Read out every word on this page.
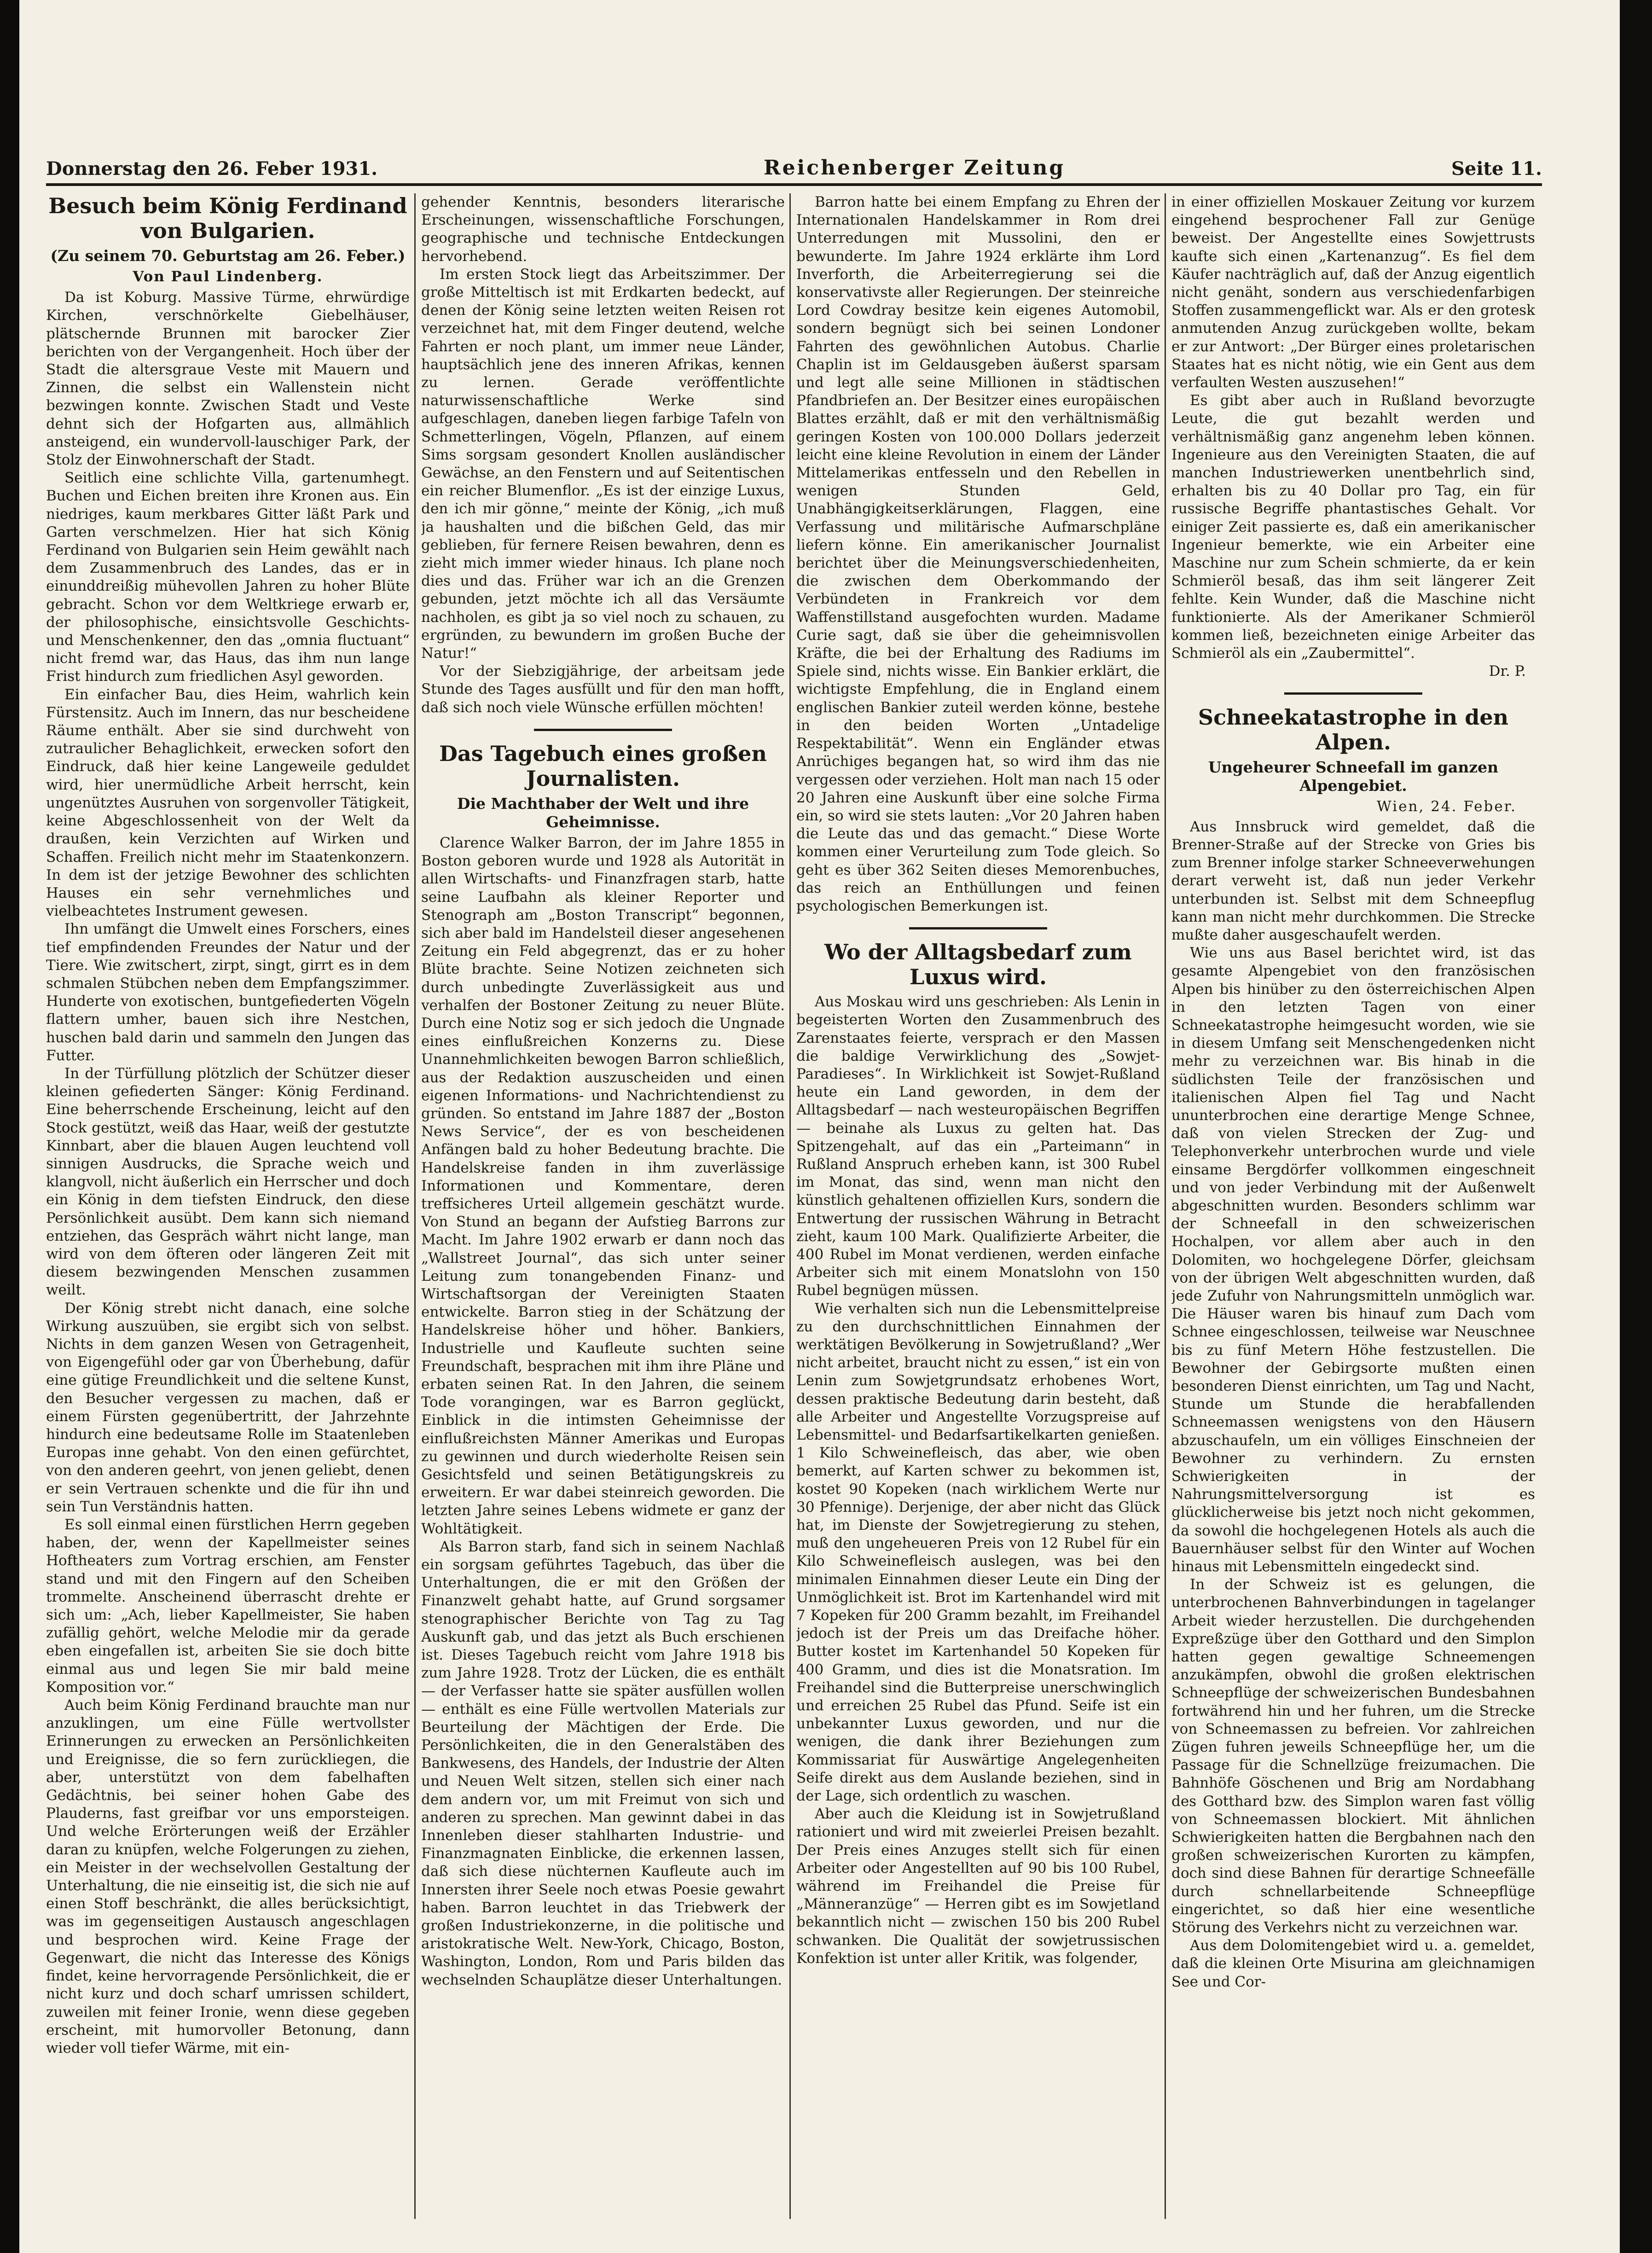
Donnerstag den 26. Feber 1931.	Reichenberger Zeitung	Seite 11.
Besuch beim König Ferdinand von Bulgarien.
(Zu seinem 70. Geburtstag am 26. Feber.)
Von Paul Lindenberg.

Da ist Koburg. Massive Türme, ehrwürdige Kirchen, verschnörkelte Giebelhäuser, plätschernde Brunnen mit barocker Zier berichten von der Vergangenheit. Hoch über der Stadt die altersgraue Veste mit Mauern und Zinnen, die selbst ein Wallenstein nicht bezwingen konnte. Zwischen Stadt und Veste dehnt sich der Hofgarten aus, allmählich ansteigend, ein wundervoll-lauschiger Park, der Stolz der Einwohnerschaft der Stadt.

Seitlich eine schlichte Villa, gartenumhegt. Buchen und Eichen breiten ihre Kronen aus. Ein niedriges, kaum merkbares Gitter läßt Park und Garten verschmelzen. Hier hat sich König Ferdinand von Bulgarien sein Heim gewählt nach dem Zusammenbruch des Landes, das er in einunddreißig mühevollen Jahren zu hoher Blüte gebracht. Schon vor dem Weltkriege erwarb er, der philosophische, einsichtsvolle Geschichts- und Menschenkenner, den das „omnia fluctuant“ nicht fremd war, das Haus, das ihm nun lange Frist hindurch zum friedlichen Asyl geworden.

Ein einfacher Bau, dies Heim, wahrlich kein Fürstensitz. Auch im Innern, das nur bescheidene Räume enthält. Aber sie sind durchweht von zutraulicher Behaglichkeit, erwecken sofort den Eindruck, daß hier keine Langeweile geduldet wird, hier unermüdliche Arbeit herrscht, kein ungenütztes Ausruhen von sorgenvoller Tätigkeit, keine Abgeschlossenheit von der Welt da draußen, kein Verzichten auf Wirken und Schaffen. Freilich nicht mehr im Staatenkonzern. In dem ist der jetzige Bewohner des schlichten Hauses ein sehr vernehmliches und vielbeachtetes Instrument gewesen.

Ihn umfängt die Umwelt eines Forschers, eines tief empfindenden Freundes der Natur und der Tiere. Wie zwitschert, zirpt, singt, girrt es in dem schmalen Stübchen neben dem Empfangszimmer. Hunderte von exotischen, buntgefiederten Vögeln flattern umher, bauen sich ihre Nestchen, huschen bald darin und sammeln den Jungen das Futter.

In der Türfüllung plötzlich der Schützer dieser kleinen gefiederten Sänger: König Ferdinand. Eine beherrschende Erscheinung, leicht auf den Stock gestützt, weiß das Haar, weiß der gestutzte Kinnbart, aber die blauen Augen leuchtend voll sinnigen Ausdrucks, die Sprache weich und klangvoll, nicht äußerlich ein Herrscher und doch ein König in dem tiefsten Eindruck, den diese Persönlichkeit ausübt. Dem kann sich niemand entziehen, das Gespräch währt nicht lange, man wird von dem öfteren oder längeren Zeit mit diesem bezwingenden Menschen zusammen weilt.

Der König strebt nicht danach, eine solche Wirkung auszuüben, sie ergibt sich von selbst. Nichts in dem ganzen Wesen von Getragenheit, von Eigengefühl oder gar von Überhebung, dafür eine gütige Freundlichkeit und die seltene Kunst, den Besucher vergessen zu machen, daß er einem Fürsten gegenübertritt, der Jahrzehnte hindurch eine bedeutsame Rolle im Staatenleben Europas inne gehabt. Von den einen gefürchtet, von den anderen geehrt, von jenen geliebt, denen er sein Vertrauen schenkte und die für ihn und sein Tun Verständnis hatten.

Es soll einmal einen fürstlichen Herrn gegeben haben, der, wenn der Kapellmeister seines Hoftheaters zum Vortrag erschien, am Fenster stand und mit den Fingern auf den Scheiben trommelte. Anscheinend überrascht drehte er sich um: „Ach, lieber Kapellmeister, Sie haben zufällig gehört, welche Melodie mir da gerade eben eingefallen ist, arbeiten Sie sie doch bitte einmal aus und legen Sie mir bald meine Komposition vor.“

Auch beim König Ferdinand brauchte man nur anzuklingen, um eine Fülle wertvollster Erinnerungen zu erwecken an Persönlichkeiten und Ereignisse, die so fern zurückliegen, die aber, unterstützt von dem fabelhaften Gedächtnis, bei seiner hohen Gabe des Plauderns, fast greifbar vor uns emporsteigen. Und welche Erörterungen weiß der Erzähler daran zu knüpfen, welche Folgerungen zu ziehen, ein Meister in der wechselvollen Gestaltung der Unterhaltung, die nie einseitig ist, die sich nie auf einen Stoff beschränkt, die alles berücksichtigt, was im gegenseitigen Austausch angeschlagen und besprochen wird. Keine Frage der Gegenwart, die nicht das Interesse des Königs findet, keine hervorragende Persönlichkeit, die er nicht kurz und doch scharf umrissen schildert, zuweilen mit feiner Ironie, wenn diese gegeben erscheint, mit humorvoller Betonung, dann wieder voll tiefer Wärme, mit ein-

gehender Kenntnis, besonders literarische Erscheinungen, wissenschaftliche Forschungen, geographische und technische Entdeckungen hervorhebend.

Im ersten Stock liegt das Arbeitszimmer. Der große Mitteltisch ist mit Erdkarten bedeckt, auf denen der König seine letzten weiten Reisen rot verzeichnet hat, mit dem Finger deutend, welche Fahrten er noch plant, um immer neue Länder, hauptsächlich jene des inneren Afrikas, kennen zu lernen. Gerade veröffentlichte naturwissenschaftliche Werke sind aufgeschlagen, daneben liegen farbige Tafeln von Schmetterlingen, Vögeln, Pflanzen, auf einem Sims sorgsam gesondert Knollen ausländischer Gewächse, an den Fenstern und auf Seitentischen ein reicher Blumenflor. „Es ist der einzige Luxus, den ich mir gönne,“ meinte der König, „ich muß ja haushalten und die bißchen Geld, das mir geblieben, für fernere Reisen bewahren, denn es zieht mich immer wieder hinaus. Ich plane noch dies und das. Früher war ich an die Grenzen gebunden, jetzt möchte ich all das Versäumte nachholen, es gibt ja so viel noch zu schauen, zu ergründen, zu bewundern im großen Buche der Natur!“

Vor der Siebzigjährige, der arbeitsam jede Stunde des Tages ausfüllt und für den man hofft, daß sich noch viele Wünsche erfüllen möchten!

Das Tagebuch eines großen Journalisten.
Die Machthaber der Welt und ihre Geheimnisse.

Clarence Walker Barron, der im Jahre 1855 in Boston geboren wurde und 1928 als Autorität in allen Wirtschafts- und Finanzfragen starb, hatte seine Laufbahn als kleiner Reporter und Stenograph am „Boston Transcript“ begonnen, sich aber bald im Handelsteil dieser angesehenen Zeitung ein Feld abgegrenzt, das er zu hoher Blüte brachte. Seine Notizen zeichneten sich durch unbedingte Zuverlässigkeit aus und verhalfen der Bostoner Zeitung zu neuer Blüte. Durch eine Notiz sog er sich jedoch die Ungnade eines einflußreichen Konzerns zu. Diese Unannehmlichkeiten bewogen Barron schließlich, aus der Redaktion auszuscheiden und einen eigenen Informations- und Nachrichtendienst zu gründen. So entstand im Jahre 1887 der „Boston News Service“, der es von bescheidenen Anfängen bald zu hoher Bedeutung brachte. Die Handelskreise fanden in ihm zuverlässige Informationen und Kommentare, deren treffsicheres Urteil allgemein geschätzt wurde. Von Stund an begann der Aufstieg Barrons zur Macht. Im Jahre 1902 erwarb er dann noch das „Wallstreet Journal“, das sich unter seiner Leitung zum tonangebenden Finanz- und Wirtschaftsorgan der Vereinigten Staaten entwickelte. Barron stieg in der Schätzung der Handelskreise höher und höher. Bankiers, Industrielle und Kaufleute suchten seine Freundschaft, besprachen mit ihm ihre Pläne und erbaten seinen Rat. In den Jahren, die seinem Tode vorangingen, war es Barron geglückt, Einblick in die intimsten Geheimnisse der einflußreichsten Männer Amerikas und Europas zu gewinnen und durch wiederholte Reisen sein Gesichtsfeld und seinen Betätigungskreis zu erweitern. Er war dabei steinreich geworden. Die letzten Jahre seines Lebens widmete er ganz der Wohltätigkeit.

Als Barron starb, fand sich in seinem Nachlaß ein sorgsam geführtes Tagebuch, das über die Unterhaltungen, die er mit den Größen der Finanzwelt gehabt hatte, auf Grund sorgsamer stenographischer Berichte von Tag zu Tag Auskunft gab, und das jetzt als Buch erschienen ist. Dieses Tagebuch reicht vom Jahre 1918 bis zum Jahre 1928. Trotz der Lücken, die es enthält — der Verfasser hatte sie später ausfüllen wollen — enthält es eine Fülle wertvollen Materials zur Beurteilung der Mächtigen der Erde. Die Persönlichkeiten, die in den Generalstäben des Bankwesens, des Handels, der Industrie der Alten und Neuen Welt sitzen, stellen sich einer nach dem andern vor, um mit Freimut von sich und anderen zu sprechen. Man gewinnt dabei in das Innenleben dieser stahlharten Industrie- und Finanzmagnaten Einblicke, die erkennen lassen, daß sich diese nüchternen Kaufleute auch im Innersten ihrer Seele noch etwas Poesie gewahrt haben. Barron leuchtet in das Triebwerk der großen Industriekonzerne, in die politische und aristokratische Welt. New-York, Chicago, Boston, Washington, London, Rom und Paris bilden das wechselnden Schauplätze dieser Unterhaltungen.

Barron hatte bei einem Empfang zu Ehren der Internationalen Handelskammer in Rom drei Unterredungen mit Mussolini, den er bewunderte. Im Jahre 1924 erklärte ihm Lord Inverforth, die Arbeiterregierung sei die konservativste aller Regierungen. Der steinreiche Lord Cowdray besitze kein eigenes Automobil, sondern begnügt sich bei seinen Londoner Fahrten des gewöhnlichen Autobus. Charlie Chaplin ist im Geldausgeben äußerst sparsam und legt alle seine Millionen in städtischen Pfandbriefen an. Der Besitzer eines europäischen Blattes erzählt, daß er mit den verhältnismäßig geringen Kosten von 100.000 Dollars jederzeit leicht eine kleine Revolution in einem der Länder Mittelamerikas entfesseln und den Rebellen in wenigen Stunden Geld, Unabhängigkeitserklärungen, Flaggen, eine Verfassung und militärische Aufmarschpläne liefern könne. Ein amerikanischer Journalist berichtet über die Meinungsverschiedenheiten, die zwischen dem Oberkommando der Verbündeten in Frankreich vor dem Waffenstillstand ausgefochten wurden. Madame Curie sagt, daß sie über die geheimnisvollen Kräfte, die bei der Erhaltung des Radiums im Spiele sind, nichts wisse. Ein Bankier erklärt, die wichtigste Empfehlung, die in England einem englischen Bankier zuteil werden könne, bestehe in den beiden Worten „Untadelige Respektabilität“. Wenn ein Engländer etwas Anrüchiges begangen hat, so wird ihm das nie vergessen oder verziehen. Holt man nach 15 oder 20 Jahren eine Auskunft über eine solche Firma ein, so wird sie stets lauten: „Vor 20 Jahren haben die Leute das und das gemacht.“ Diese Worte kommen einer Verurteilung zum Tode gleich. So geht es über 362 Seiten dieses Memorenbuches, das reich an Enthüllungen und feinen psychologischen Bemerkungen ist.

Wo der Alltagsbedarf zum Luxus wird.

Aus Moskau wird uns geschrieben: Als Lenin in begeisterten Worten den Zusammenbruch des Zarenstaates feierte, versprach er den Massen die baldige Verwirklichung des „Sowjet-Paradieses“. In Wirklichkeit ist Sowjet-Rußland heute ein Land geworden, in dem der Alltagsbedarf — nach westeuropäischen Begriffen — beinahe als Luxus zu gelten hat. Das Spitzengehalt, auf das ein „Parteimann“ in Rußland Anspruch erheben kann, ist 300 Rubel im Monat, das sind, wenn man nicht den künstlich gehaltenen offiziellen Kurs, sondern die Entwertung der russischen Währung in Betracht zieht, kaum 100 Mark. Qualifizierte Arbeiter, die 400 Rubel im Monat verdienen, werden einfache Arbeiter sich mit einem Monatslohn von 150 Rubel begnügen müssen.

Wie verhalten sich nun die Lebensmittelpreise zu den durchschnittlichen Einnahmen der werktätigen Bevölkerung in Sowjetrußland? „Wer nicht arbeitet, braucht nicht zu essen,“ ist ein von Lenin zum Sowjetgrundsatz erhobenes Wort, dessen praktische Bedeutung darin besteht, daß alle Arbeiter und Angestellte Vorzugspreise auf Lebensmittel- und Bedarfsartikelkarten genießen. 1 Kilo Schweinefleisch, das aber, wie oben bemerkt, auf Karten schwer zu bekommen ist, kostet 90 Kopeken (nach wirklichem Werte nur 30 Pfennige). Derjenige, der aber nicht das Glück hat, im Dienste der Sowjetregierung zu stehen, muß den ungeheueren Preis von 12 Rubel für ein Kilo Schweinefleisch auslegen, was bei den minimalen Einnahmen dieser Leute ein Ding der Unmöglichkeit ist. Brot im Kartenhandel wird mit 7 Kopeken für 200 Gramm bezahlt, im Freihandel jedoch ist der Preis um das Dreifache höher. Butter kostet im Kartenhandel 50 Kopeken für 400 Gramm, und dies ist die Monatsration. Im Freihandel sind die Butterpreise unerschwinglich und erreichen 25 Rubel das Pfund. Seife ist ein unbekannter Luxus geworden, und nur die wenigen, die dank ihrer Beziehungen zum Kommissariat für Auswärtige Angelegenheiten Seife direkt aus dem Auslande beziehen, sind in der Lage, sich ordentlich zu waschen.

Aber auch die Kleidung ist in Sowjetrußland rationiert und wird mit zweierlei Preisen bezahlt. Der Preis eines Anzuges stellt sich für einen Arbeiter oder Angestellten auf 90 bis 100 Rubel, während im Freihandel die Preise für „Männeranzüge“ — Herren gibt es im Sowjetland bekanntlich nicht — zwischen 150 bis 200 Rubel schwanken. Die Qualität der sowjetrussischen Konfektion ist unter aller Kritik, was folgender,

in einer offiziellen Moskauer Zeitung vor kurzem eingehend besprochener Fall zur Genüge beweist. Der Angestellte eines Sowjettrusts kaufte sich einen „Kartenanzug“. Es fiel dem Käufer nachträglich auf, daß der Anzug eigentlich nicht genäht, sondern aus verschiedenfarbigen Stoffen zusammengeflickt war. Als er den grotesk anmutenden Anzug zurückgeben wollte, bekam er zur Antwort: „Der Bürger eines proletarischen Staates hat es nicht nötig, wie ein Gent aus dem verfaulten Westen auszusehen!“

Es gibt aber auch in Rußland bevorzugte Leute, die gut bezahlt werden und verhältnismäßig ganz angenehm leben können. Ingenieure aus den Vereinigten Staaten, die auf manchen Industriewerken unentbehrlich sind, erhalten bis zu 40 Dollar pro Tag, ein für russische Begriffe phantastisches Gehalt. Vor einiger Zeit passierte es, daß ein amerikanischer Ingenieur bemerkte, wie ein Arbeiter eine Maschine nur zum Schein schmierte, da er kein Schmieröl besaß, das ihm seit längerer Zeit fehlte. Kein Wunder, daß die Maschine nicht funktionierte. Als der Amerikaner Schmieröl kommen ließ, bezeichneten einige Arbeiter das Schmieröl als ein „Zaubermittel“.

Dr. P.
Schneekatastrophe in den Alpen.
Ungeheurer Schneefall im ganzen Alpengebiet.
Wien, 24. Feber.

Aus Innsbruck wird gemeldet, daß die Brenner-Straße auf der Strecke von Gries bis zum Brenner infolge starker Schneeverwehungen derart verweht ist, daß nun jeder Verkehr unterbunden ist. Selbst mit dem Schneepflug kann man nicht mehr durchkommen. Die Strecke mußte daher ausgeschaufelt werden.

Wie uns aus Basel berichtet wird, ist das gesamte Alpengebiet von den französischen Alpen bis hinüber zu den österreichischen Alpen in den letzten Tagen von einer Schneekatastrophe heimgesucht worden, wie sie in diesem Umfang seit Menschengedenken nicht mehr zu verzeichnen war. Bis hinab in die südlichsten Teile der französischen und italienischen Alpen fiel Tag und Nacht ununterbrochen eine derartige Menge Schnee, daß von vielen Strecken der Zug- und Telephonverkehr unterbrochen wurde und viele einsame Bergdörfer vollkommen eingeschneit und von jeder Verbindung mit der Außenwelt abgeschnitten wurden. Besonders schlimm war der Schneefall in den schweizerischen Hochalpen, vor allem aber auch in den Dolomiten, wo hochgelegene Dörfer, gleichsam von der übrigen Welt abgeschnitten wurden, daß jede Zufuhr von Nahrungsmitteln unmöglich war. Die Häuser waren bis hinauf zum Dach vom Schnee eingeschlossen, teilweise war Neuschnee bis zu fünf Metern Höhe festzustellen. Die Bewohner der Gebirgsorte mußten einen besonderen Dienst einrichten, um Tag und Nacht, Stunde um Stunde die herabfallenden Schneemassen wenigstens von den Häusern abzuschaufeln, um ein völliges Einschneien der Bewohner zu verhindern. Zu ernsten Schwierigkeiten in der Nahrungsmittelversorgung ist es glücklicherweise bis jetzt noch nicht gekommen, da sowohl die hochgelegenen Hotels als auch die Bauernhäuser selbst für den Winter auf Wochen hinaus mit Lebensmitteln eingedeckt sind.

In der Schweiz ist es gelungen, die unterbrochenen Bahnverbindungen in tagelanger Arbeit wieder herzustellen. Die durchgehenden Expreßzüge über den Gotthard und den Simplon hatten gegen gewaltige Schneemengen anzukämpfen, obwohl die großen elektrischen Schneepflüge der schweizerischen Bundesbahnen fortwährend hin und her fuhren, um die Strecke von Schneemassen zu befreien. Vor zahlreichen Zügen fuhren jeweils Schneepflüge her, um die Passage für die Schnellzüge freizumachen. Die Bahnhöfe Göschenen und Brig am Nordabhang des Gotthard bzw. des Simplon waren fast völlig von Schneemassen blockiert. Mit ähnlichen Schwierigkeiten hatten die Bergbahnen nach den großen schweizerischen Kurorten zu kämpfen, doch sind diese Bahnen für derartige Schneefälle durch schnellarbeitende Schneepflüge eingerichtet, so daß hier eine wesentliche Störung des Verkehrs nicht zu verzeichnen war.

Aus dem Dolomitengebiet wird u. a. gemeldet, daß die kleinen Orte Misurina am gleichnamigen See und Cor-
